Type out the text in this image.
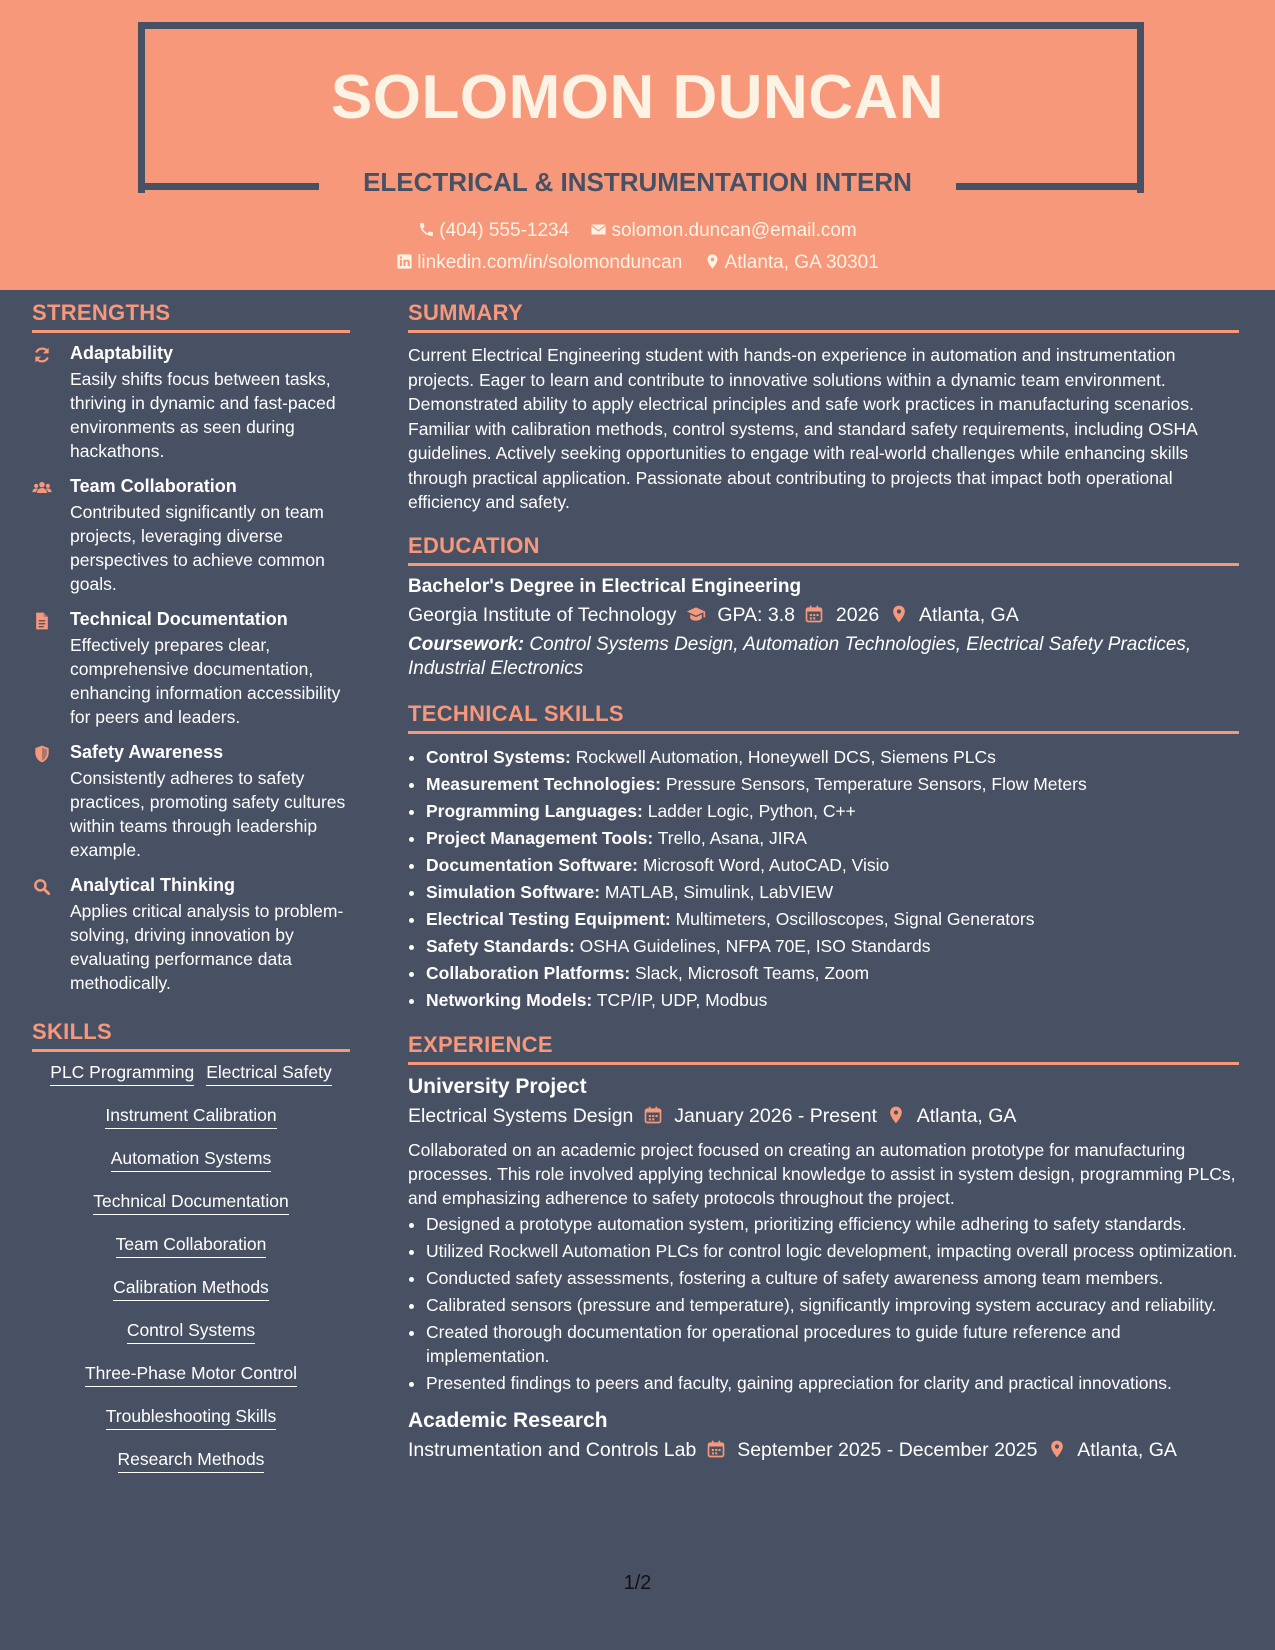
SOLOMON DUNCAN
ELECTRICAL & INSTRUMENTATION INTERN
(404) 555-1234 solomon.duncan@email.com
linkedin.com/in/solomonduncan Atlanta, GA 30301
STRENGTHS
Adaptability
Easily shifts focus between tasks, thriving in dynamic and fast-paced environments as seen during hackathons.
Team Collaboration
Contributed significantly on team projects, leveraging diverse perspectives to achieve common goals.
Technical Documentation
Effectively prepares clear, comprehensive documentation, enhancing information accessibility for peers and leaders.
Safety Awareness
Consistently adheres to safety practices, promoting safety cultures within teams through leadership example.
Analytical Thinking
Applies critical analysis to problem-solving, driving innovation by evaluating performance data methodically.
SKILLS
PLC Programming Electrical Safety
Instrument Calibration
Automation Systems
Technical Documentation
Team Collaboration
Calibration Methods
Control Systems
Three-Phase Motor Control
Troubleshooting Skills
Research Methods
SUMMARY

Current Electrical Engineering student with hands-on experience in automation and instrumentation projects. Eager to learn and contribute to innovative solutions within a dynamic team environment. Demonstrated ability to apply electrical principles and safe work practices in manufacturing scenarios. Familiar with calibration methods, control systems, and standard safety requirements, including OSHA guidelines. Actively seeking opportunities to engage with real-world challenges while enhancing skills through practical application. Passionate about contributing to projects that impact both operational efficiency and safety.

EDUCATION
Bachelor's Degree in Electrical Engineering
Georgia Institute of Technology GPA: 3.8 2026 Atlanta, GA
Coursework: Control Systems Design, Automation Technologies, Electrical Safety Practices, Industrial Electronics
TECHNICAL SKILLS
• Control Systems: Rockwell Automation, Honeywell DCS, Siemens PLCs
• Measurement Technologies: Pressure Sensors, Temperature Sensors, Flow Meters
• Programming Languages: Ladder Logic, Python, C++
• Project Management Tools: Trello, Asana, JIRA
• Documentation Software: Microsoft Word, AutoCAD, Visio
• Simulation Software: MATLAB, Simulink, LabVIEW
• Electrical Testing Equipment: Multimeters, Oscilloscopes, Signal Generators
• Safety Standards: OSHA Guidelines, NFPA 70E, ISO Standards
• Collaboration Platforms: Slack, Microsoft Teams, Zoom
• Networking Models: TCP/IP, UDP, Modbus
EXPERIENCE
University Project
Electrical Systems Design January 2026 - Present Atlanta, GA
Collaborated on an academic project focused on creating an automation prototype for manufacturing processes. This role involved applying technical knowledge to assist in system design, programming PLCs, and emphasizing adherence to safety protocols throughout the project.
• Designed a prototype automation system, prioritizing efficiency while adhering to safety standards.
• Utilized Rockwell Automation PLCs for control logic development, impacting overall process optimization.
• Conducted safety assessments, fostering a culture of safety awareness among team members.
• Calibrated sensors (pressure and temperature), significantly improving system accuracy and reliability.
• Created thorough documentation for operational procedures to guide future reference and implementation.
• Presented findings to peers and faculty, gaining appreciation for clarity and practical innovations.
Academic Research
Instrumentation and Controls Lab September 2025 - December 2025 Atlanta, GA
1/2
